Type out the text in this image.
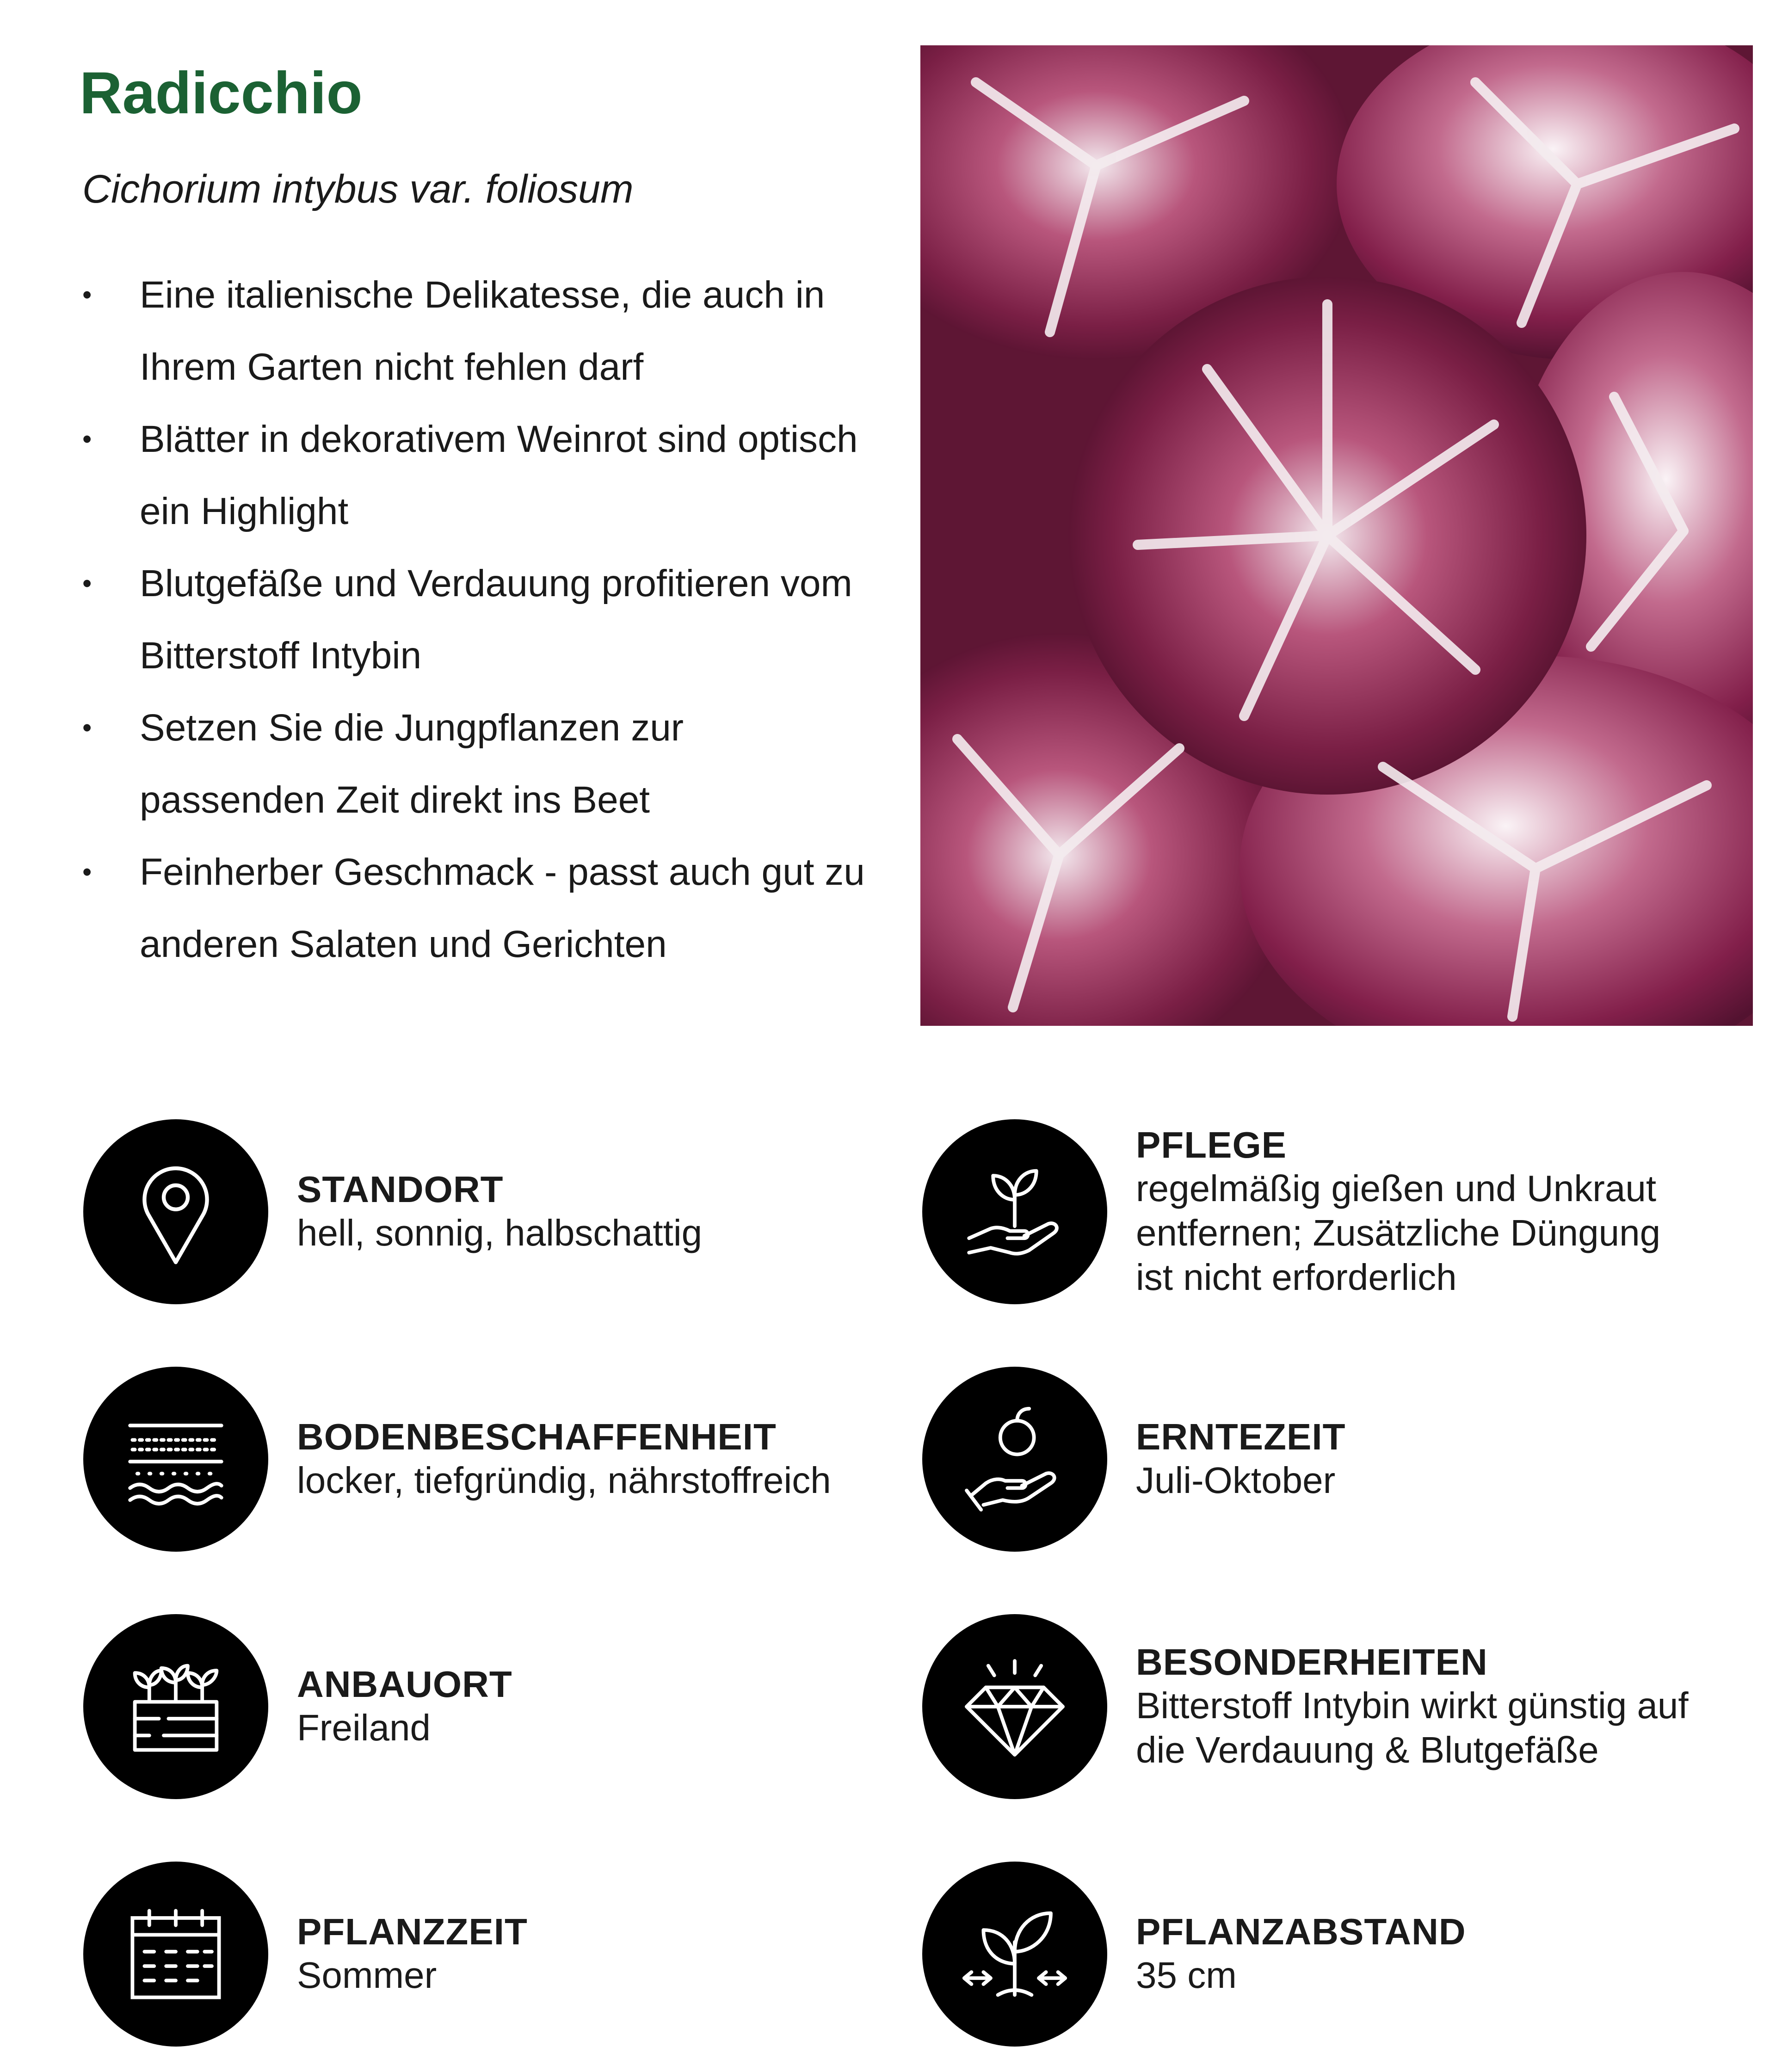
Radicchio

Cichorium intybus var. foliosum

• Eine italienische Delikatesse, die auch in Ihrem Garten nicht fehlen darf
• Blätter in dekorativem Weinrot sind optisch ein Highlight
• Blutgefäße und Verdauung profitieren vom Bitterstoff Intybin
• Setzen Sie die Jungpflanzen zur passenden Zeit direkt ins Beet
• Feinherber Geschmack - passt auch gut zu anderen Salaten und Gerichten
STANDORT
hell, sonnig, halbschattig
PFLEGE
regelmäßig gießen und Unkraut entfernen; Zusätzliche Düngung ist nicht erforderlich
BODENBESCHAFFENHEIT
locker, tiefgründig, nährstoffreich
ERNTEZEIT
Juli-Oktober
ANBAUORT
Freiland
BESONDERHEITEN
Bitterstoff Intybin wirkt günstig auf die Verdauung & Blutgefäße
PFLANZZEIT
Sommer
PFLANZABSTAND
35 cm
